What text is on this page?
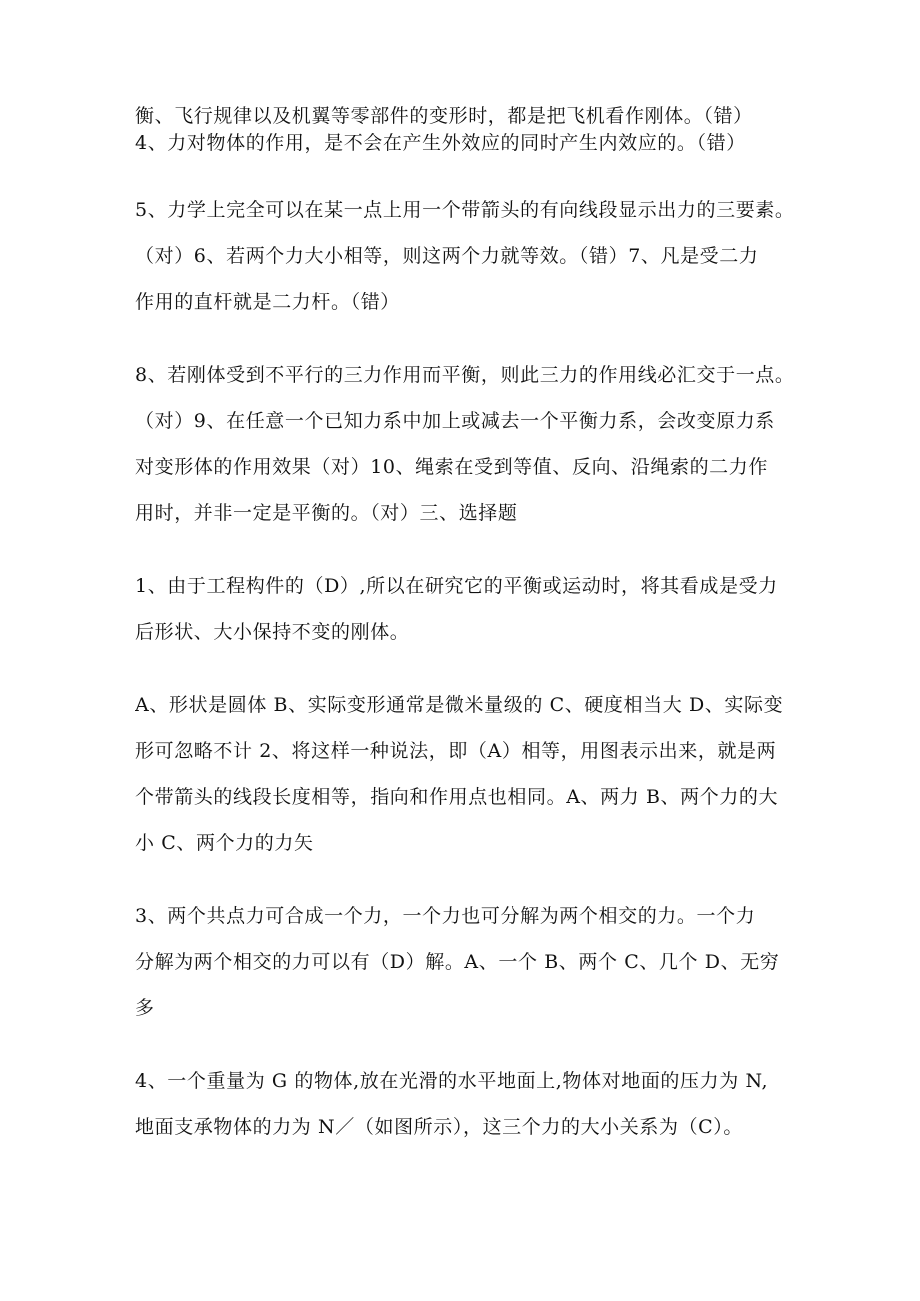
衡、飞行规律以及机翼等零部件的变形时，都是把飞机看作刚体。（错）
4、力对物体的作用，是不会在产生外效应的同时产生内效应的。（错）
5、力学上完全可以在某一点上用一个带箭头的有向线段显示出力的三要素。
（对）6、若两个力大小相等，则这两个力就等效。（错）7、凡是受二力
作用的直杆就是二力杆。（错）
8、若刚体受到不平行的三力作用而平衡，则此三力的作用线必汇交于一点。
（对）9、在任意一个已知力系中加上或减去一个平衡力系，会改变原力系
对变形体的作用效果（对）10、绳索在受到等值、反向、沿绳索的二力作
用时，并非一定是平衡的。（对）三、选择题
1、由于工程构件的（D）,所以在研究它的平衡或运动时，将其看成是受力
后形状、大小保持不变的刚体。
A、形状是圆体 B、实际变形通常是微米量级的 C、硬度相当大 D、实际变
形可忽略不计 2、将这样一种说法，即（A）相等，用图表示出来，就是两
个带箭头的线段长度相等，指向和作用点也相同。A、两力 B、两个力的大
小 C、两个力的力矢
3、两个共点力可合成一个力，一个力也可分解为两个相交的力。一个力
分解为两个相交的力可以有（D）解。A、一个 B、两个 C、几个 D、无穷
多
4、一个重量为 G 的物体,放在光滑的水平地面上,物体对地面的压力为 N,
地面支承物体的力为 N／（如图所示），这三个力的大小关系为（C）。
